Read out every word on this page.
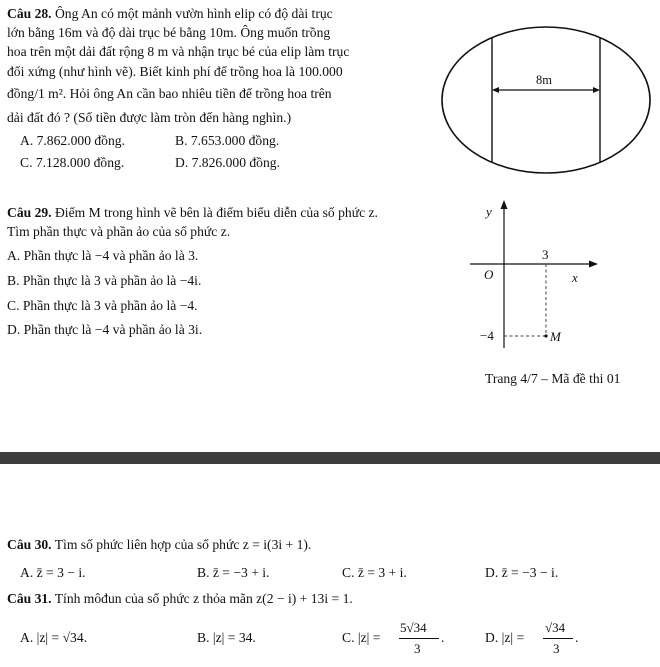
Câu 28. Ông An có một mảnh vườn hình elip có độ dài trục
lớn bằng 16m và độ dài trục bé bằng 10m. Ông muốn trồng
hoa trên một dải đất rộng 8 m và nhận trục bé của elip làm trục
đối xứng (như hình vẽ). Biết kinh phí để trồng hoa là 100.000
đồng/1 m². Hỏi ông An cần bao nhiêu tiền để trồng hoa trên
dải đất đó ? (Số tiền được làm tròn đến hàng nghìn.)
A. 7.862.000 đồng.	B. 7.653.000 đồng.
C. 7.128.000 đồng.	D. 7.826.000 đồng.
8m
Câu 29. Điểm M trong hình vẽ bên là điểm biểu diễn của số phức z.
Tìm phần thực và phần ảo của số phức z.
A. Phần thực là −4 và phần ảo là 3.
B. Phần thực là 3 và phần ảo là −4i.
C. Phần thực là 3 và phần ảo là −4.
D. Phần thực là −4 và phần ảo là 3i.
y
x
O
3
−4	M
Trang 4/7 – Mã đề thi 01
Câu 30. Tìm số phức liên hợp của số phức z = i(3i + 1).
A. z̄ = 3 − i.	B. z̄ = −3 + i.	C. z̄ = 3 + i.	D. z̄ = −3 − i.
Câu 31. Tính môđun của số phức z thỏa mãn z(2 − i) + 13i = 1.
A. |z| = √34.	B. |z| = 34.	C. |z| =
5√34
3
.	D. |z| =
√34
3
.
